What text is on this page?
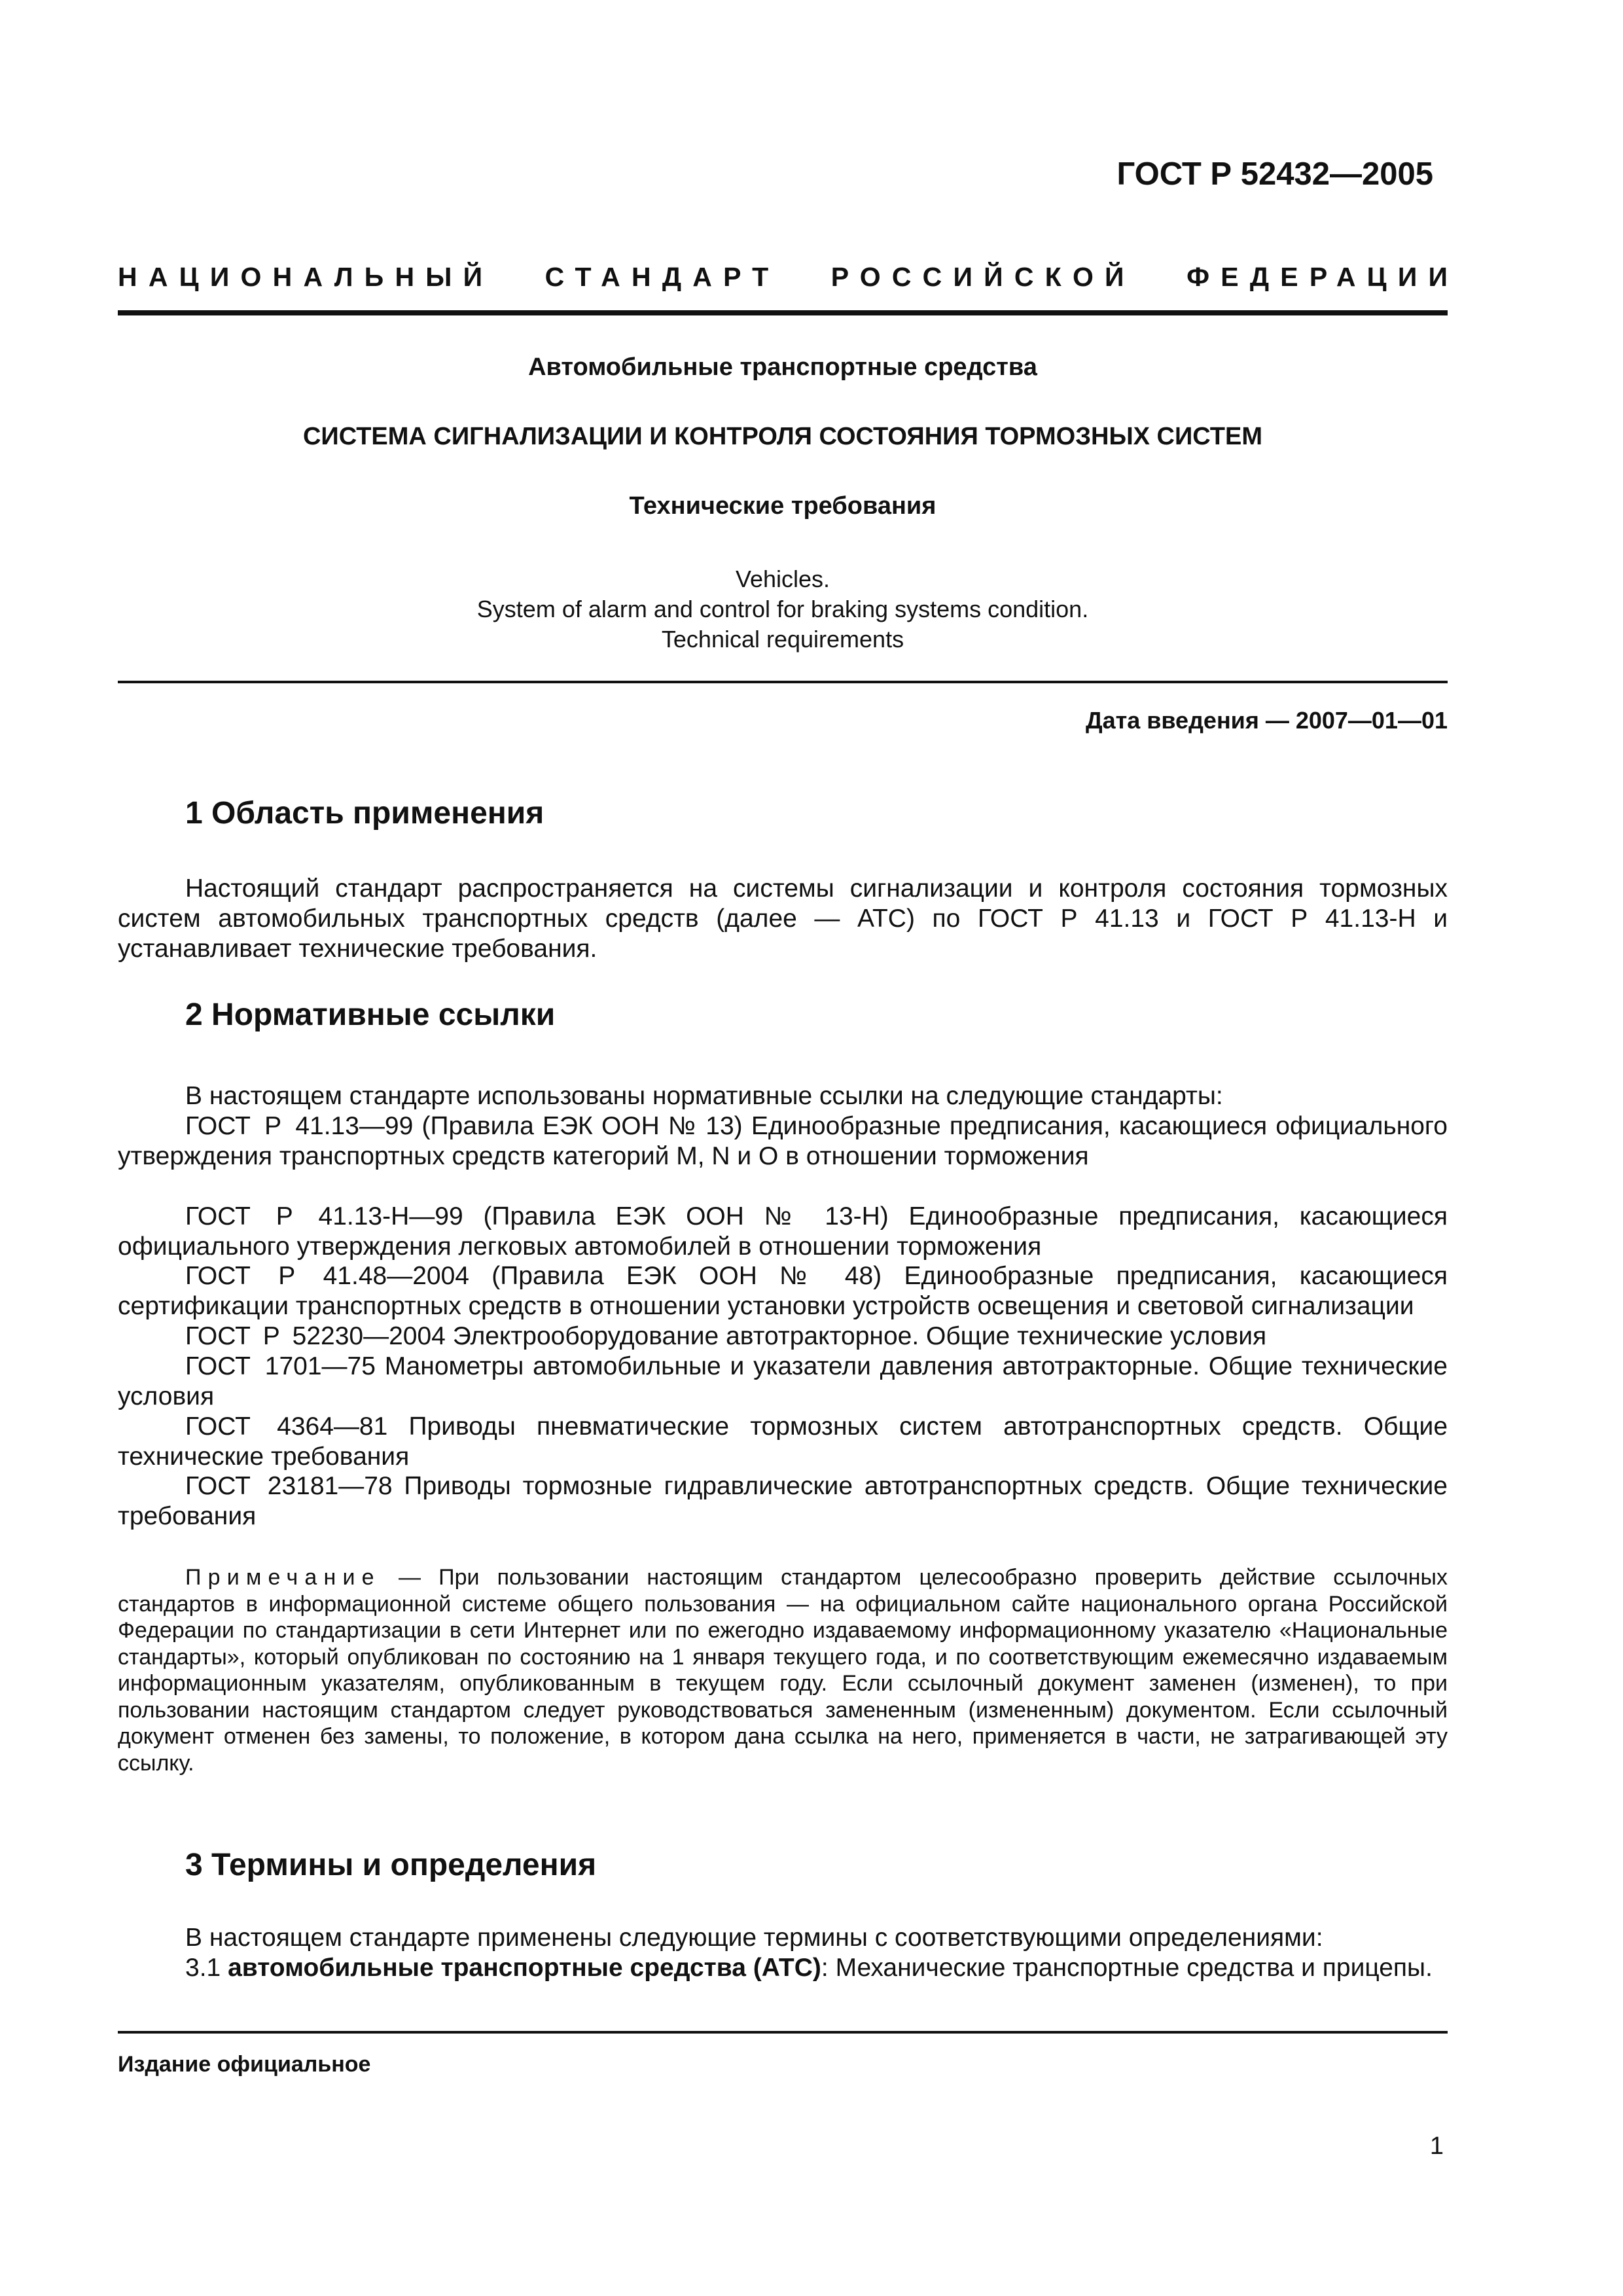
ГОСТ Р 52432—2005
НАЦИОНАЛЬНЫЙ СТАНДАРТ РОССИЙСКОЙ ФЕДЕРАЦИИ
Автомобильные транспортные средства
СИСТЕМА СИГНАЛИЗАЦИИ И КОНТРОЛЯ СОСТОЯНИЯ ТОРМОЗНЫХ СИСТЕМ
Технические требования
Vehicles.
System of alarm and control for braking systems condition.
Technical requirements
Дата введения — 2007—01—01
1 Область применения
Настоящий стандарт распространяется на системы сигнализации и контроля состояния тормозных систем автомобильных транспортных средств (далее — АТС) по ГОСТ Р 41.13 и ГОСТ Р 41.13-Н и устанавливает технические требования.
2 Нормативные ссылки
В настоящем стандарте использованы нормативные ссылки на следующие стандарты:
ГОСТ Р 41.13—99 (Правила ЕЭК ООН № 13) Единообразные предписания, касающиеся официального утверждения транспортных средств категорий M, N и O в отношении торможения
ГОСТ Р 41.13-Н—99 (Правила ЕЭК ООН № 13-Н) Единообразные предписания, касающиеся официального утверждения легковых автомобилей в отношении торможения
ГОСТ Р 41.48—2004 (Правила ЕЭК ООН № 48) Единообразные предписания, касающиеся сертификации транспортных средств в отношении установки устройств освещения и световой сигнализации
ГОСТ Р 52230—2004 Электрооборудование автотракторное. Общие технические условия
ГОСТ 1701—75 Манометры автомобильные и указатели давления автотракторные. Общие технические условия
ГОСТ 4364—81 Приводы пневматические тормозных систем автотранспортных средств. Общие технические требования
ГОСТ 23181—78 Приводы тормозные гидравлические автотранспортных средств. Общие технические требования
Примечание — При пользовании настоящим стандартом целесообразно проверить действие ссылочных стандартов в информационной системе общего пользования — на официальном сайте национального органа Российской Федерации по стандартизации в сети Интернет или по ежегодно издаваемому информационному указателю «Национальные стандарты», который опубликован по состоянию на 1 января текущего года, и по соответствующим ежемесячно издаваемым информационным указателям, опубликованным в текущем году. Если ссылочный документ заменен (изменен), то при пользовании настоящим стандартом следует руководствоваться замененным (измененным) документом. Если ссылочный документ отменен без замены, то положение, в котором дана ссылка на него, применяется в части, не затрагивающей эту ссылку.
3 Термины и определения
В настоящем стандарте применены следующие термины с соответствующими определениями:
3.1 автомобильные транспортные средства (АТС): Механические транспортные средства и прицепы.
Издание официальное
1
